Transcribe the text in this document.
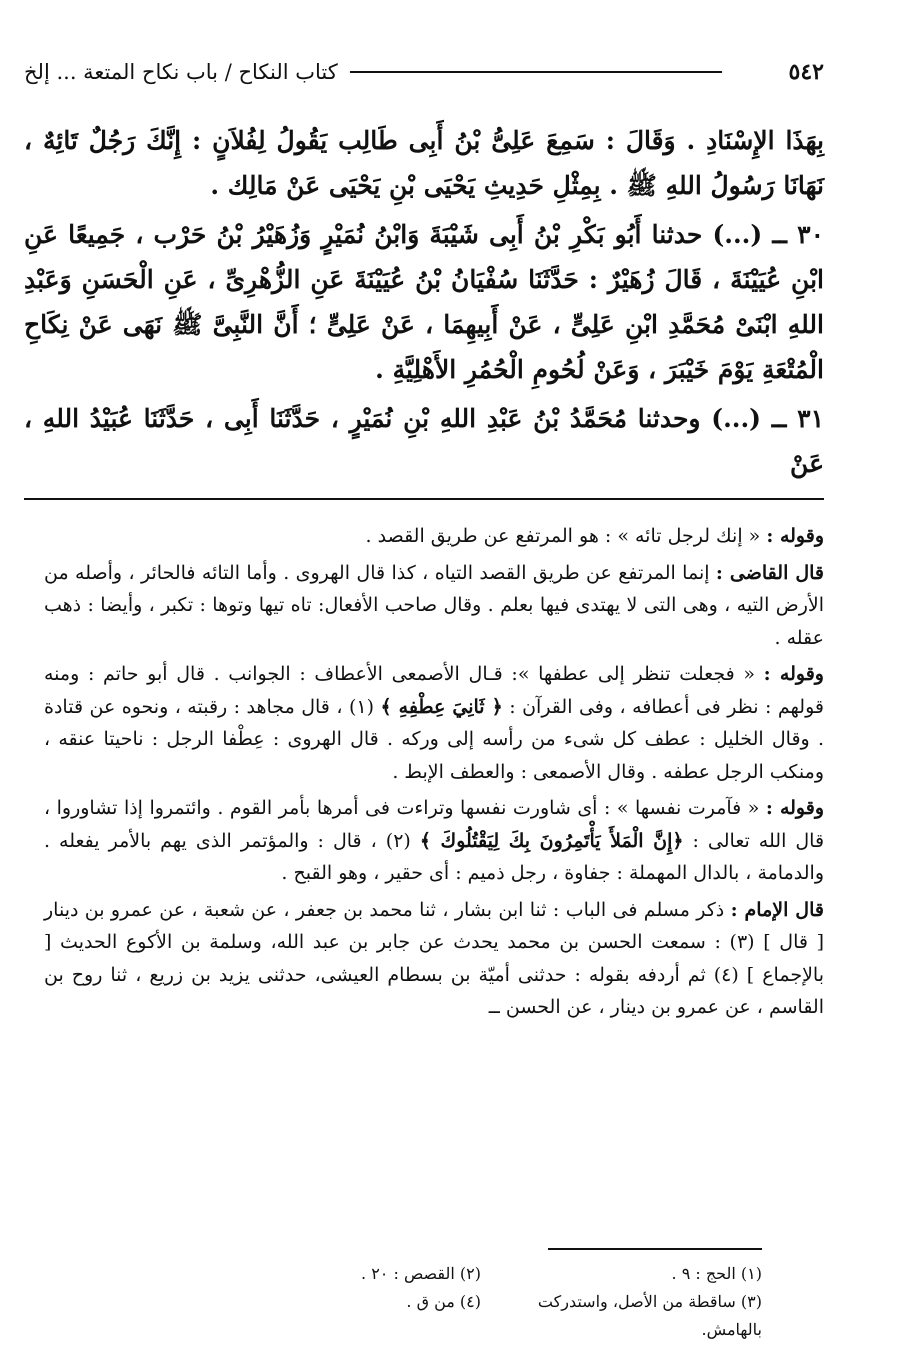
٥٤٢
كتاب النكاح / باب نكاح المتعة ... إلخ

بِهَذَا الإِسْنَادِ . وَقَالَ : سَمِعَ عَلِىُّ بْنُ أَبِى طَالِب يَقُولُ لِفُلاَنٍ : إِنَّكَ رَجُلٌ تَائِهٌ ، نَهَانَا رَسُولُ اللهِ ﷺ . بِمِثْلِ حَدِيثِ يَحْيَى بْنِ يَحْيَى عَنْ مَالِك .

٣٠ ــ (...) حدثنا أَبُو بَكْرِ بْنُ أَبِى شَيْبَةَ وَابْنُ نُمَيْرٍ وَزُهَيْرُ بْنُ حَرْب ، جَمِيعًا عَنِ ابْنِ عُيَيْنَةَ ، قَالَ زُهَيْرٌ : حَدَّثَنَا سُفْيَانُ بْنُ عُيَيْنَةَ عَنِ الزُّهْرِىِّ ، عَنِ الْحَسَنِ وَعَبْدِ اللهِ ابْنَىْ مُحَمَّدِ ابْنِ عَلِىٍّ ، عَنْ أَبِيهِمَا ، عَنْ عَلِىٍّ ؛ أَنَّ النَّبِىَّ ﷺ نَهَى عَنْ نِكَاحِ الْمُتْعَةِ يَوْمَ خَيْبَرَ ، وَعَنْ لُحُومِ الْحُمُرِ الأَهْلِيَّةِ .

٣١ ــ (...) وحدثنا مُحَمَّدُ بْنُ عَبْدِ اللهِ بْنِ نُمَيْرٍ ، حَدَّثَنَا أَبِى ، حَدَّثَنَا عُبَيْدُ اللهِ ، عَنْ

وقوله : « إنك لرجل تائه » : هو المرتفع عن طريق القصد .

قال القاضى : إنما المرتفع عن طريق القصد التياه ، كذا قال الهروى . وأما التائه فالحائر ، وأصله من الأرض التيه ، وهى التى لا يهتدى فيها بعلم . وقال صاحب الأفعال: تاه تيها وتوها : تكبر ، وأيضا : ذهب عقله .

وقوله : « فجعلت تنظر إلى عطفها »: قـال الأصمعى الأعطاف : الجوانب . قال أبو حاتم : ومنه قولهم : نظر فى أعطافه ، وفى القرآن : ﴿ ثَانِيَ عِطْفِهِ ﴾ (١) ، قال مجاهد : رقبته ، ونحوه عن قتادة . وقال الخليل : عطف كل شىء من رأسه إلى وركه . قال الهروى : عِطْفا الرجل : ناحيتا عنقه ، ومنكب الرجل عطفه . وقال الأصمعى : والعطف الإبط .

وقوله : « فآمرت نفسها » : أى شاورت نفسها وتراءت فى أمرها بأمر القوم . وائتمروا إذا تشاوروا ، قال الله تعالى : ﴿إِنَّ الْمَلأَ يَأْتَمِرُونَ بِكَ لِيَقْتُلُوكَ ﴾ (٢) ، قال : والمؤتمر الذى يهم بالأمر يفعله . والدمامة ، بالدال المهملة : جفاوة ، رجل ذميم : أى حقير ، وهو القبح .

قال الإمام : ذكر مسلم فى الباب : ثنا ابن بشار ، ثنا محمد بن جعفر ، عن شعبة ، عن عمرو بن دينار [ قال ] (٣) : سمعت الحسن بن محمد يحدث عن جابر بن عبد الله، وسلمة بن الأكوع الحديث [ بالإجماع ] (٤) ثم أردفه بقوله : حدثنى أميّة بن بسطام العيشى، حدثنى يزيد بن زريع ، ثنا روح بن القاسم ، عن عمرو بن دينار ، عن الحسن ــ

(١) الحج : ٩ .
(٢) القصص : ٢٠ .
(٣) ساقطة من الأصل، واستدركت بالهامش.
(٤) من ق .
